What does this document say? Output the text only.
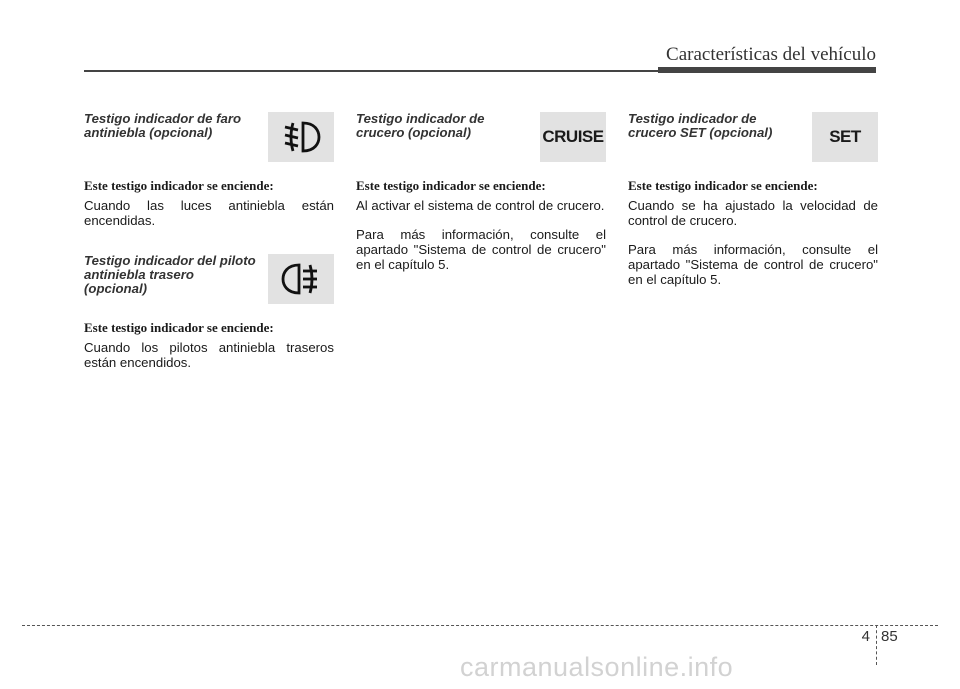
Características del vehículo
Testigo indicador de faro
antiniebla (opcional)
Este testigo indicador se enciende:
Cuando las luces antiniebla están encendidas.
Testigo indicador del piloto
antiniebla trasero
(opcional)
Este testigo indicador se enciende:
Cuando los pilotos antiniebla traseros están encendidos.
Testigo indicador de
crucero (opcional)	CRUISE
Este testigo indicador se enciende:
Al activar el sistema de control de crucero.
Para más información, consulte el apartado "Sistema de control de crucero" en el capítulo 5.
Testigo indicador de
crucero SET (opcional)	SET
Este testigo indicador se enciende:
Cuando se ha ajustado la velocidad de control de crucero.
Para más información, consulte el apartado "Sistema de control de crucero" en el capítulo 5.
4 85
carmanualsonline.info
